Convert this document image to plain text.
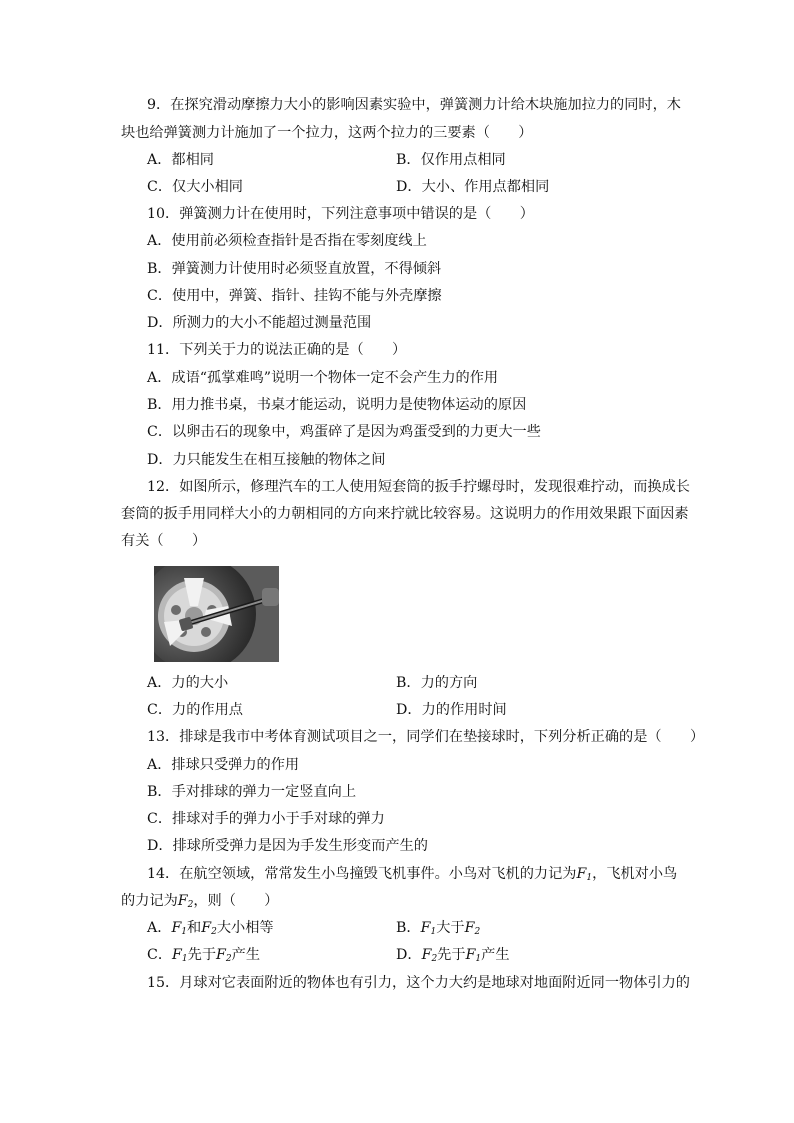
9．在探究滑动摩擦力大小的影响因素实验中，弹簧测力计给木块施加拉力的同时，木
块也给弹簧测力计施加了一个拉力，这两个拉力的三要素（　　）
A．都相同	B．仅作用点相同
C．仅大小相同	D．大小、作用点都相同
10．弹簧测力计在使用时，下列注意事项中错误的是（　　）
A．使用前必须检查指针是否指在零刻度线上
B．弹簧测力计使用时必须竖直放置，不得倾斜
C．使用中，弹簧、指针、挂钩不能与外壳摩擦
D．所测力的大小不能超过测量范围
11．下列关于力的说法正确的是（　　）
A．成语“孤掌难鸣”说明一个物体一定不会产生力的作用
B．用力推书桌，书桌才能运动，说明力是使物体运动的原因
C．以卵击石的现象中，鸡蛋碎了是因为鸡蛋受到的力更大一些
D．力只能发生在相互接触的物体之间
12．如图所示，修理汽车的工人使用短套筒的扳手拧螺母时，发现很难拧动，而换成长
套筒的扳手用同样大小的力朝相同的方向来拧就比较容易。这说明力的作用效果跟下面因素
有关（　　）
A．力的大小	B．力的方向
C．力的作用点	D．力的作用时间
13．排球是我市中考体育测试项目之一，同学们在垫接球时，下列分析正确的是（　　）
A．排球只受弹力的作用
B．手对排球的弹力一定竖直向上
C．排球对手的弹力小于手对球的弹力
D．排球所受弹力是因为手发生形变而产生的
14．在航空领域，常常发生小鸟撞毁飞机事件。小鸟对飞机的力记为$F_1$，飞机对小鸟
的力记为$F_2$，则（　　）
A．$F_1$和$F_2$大小相等	B．$F_1$大于$F_2$
C．$F_1$先于$F_2$产生	D．$F_2$先于$F_1$产生
15．月球对它表面附近的物体也有引力，这个力大约是地球对地面附近同一物体引力的
